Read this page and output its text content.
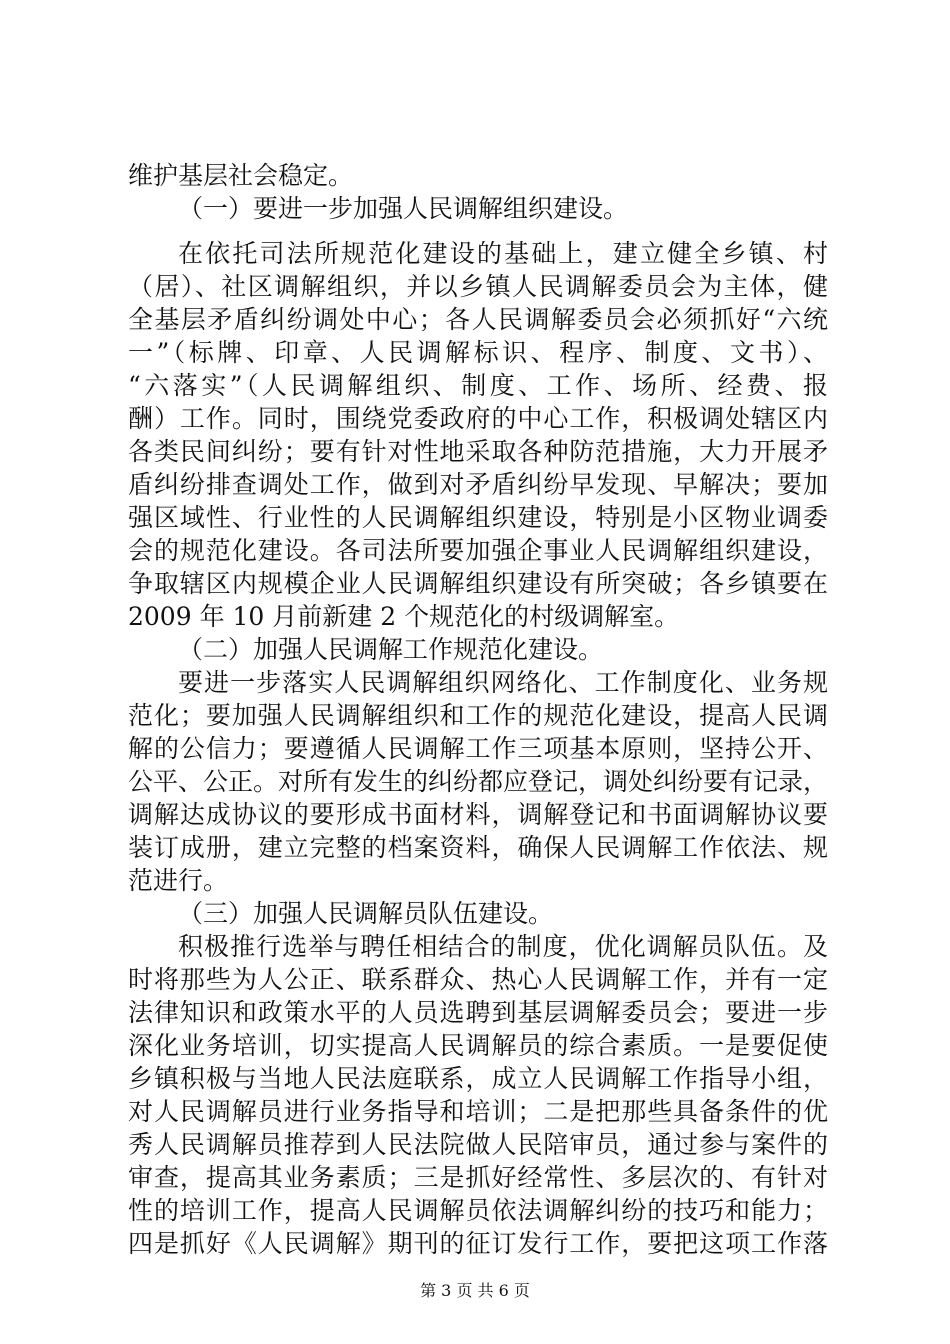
维护基层社会稳定。
（一）要进一步加强人民调解组织建设。
在依托司法所规范化建设的基础上，建立健全乡镇、村
（居）、社区调解组织，并以乡镇人民调解委员会为主体，健
全基层矛盾纠纷调处中心；各人民调解委员会必须抓好“六统
一”（标牌、印章、人民调解标识、程序、制度、文书）、
“六落实”（人民调解组织、制度、工作、场所、经费、报
酬）工作。同时，围绕党委政府的中心工作，积极调处辖区内
各类民间纠纷；要有针对性地采取各种防范措施，大力开展矛
盾纠纷排查调处工作，做到对矛盾纠纷早发现、早解决；要加
强区域性、行业性的人民调解组织建设，特别是小区物业调委
会的规范化建设。各司法所要加强企事业人民调解组织建设，
争取辖区内规模企业人民调解组织建设有所突破；各乡镇要在
2009 年 10 月前新建 2 个规范化的村级调解室。
（二）加强人民调解工作规范化建设。
要进一步落实人民调解组织网络化、工作制度化、业务规
范化；要加强人民调解组织和工作的规范化建设，提高人民调
解的公信力；要遵循人民调解工作三项基本原则，坚持公开、
公平、公正。对所有发生的纠纷都应登记，调处纠纷要有记录，
调解达成协议的要形成书面材料，调解登记和书面调解协议要
装订成册，建立完整的档案资料，确保人民调解工作依法、规
范进行。
（三）加强人民调解员队伍建设。
积极推行选举与聘任相结合的制度，优化调解员队伍。及
时将那些为人公正、联系群众、热心人民调解工作，并有一定
法律知识和政策水平的人员选聘到基层调解委员会；要进一步
深化业务培训，切实提高人民调解员的综合素质。一是要促使
乡镇积极与当地人民法庭联系，成立人民调解工作指导小组，
对人民调解员进行业务指导和培训；二是把那些具备条件的优
秀人民调解员推荐到人民法院做人民陪审员，通过参与案件的
审查，提高其业务素质；三是抓好经常性、多层次的、有针对
性的培训工作，提高人民调解员依法调解纠纷的技巧和能力；
四是抓好《人民调解》期刊的征订发行工作，要把这项工作落
第 3 页 共 6 页
